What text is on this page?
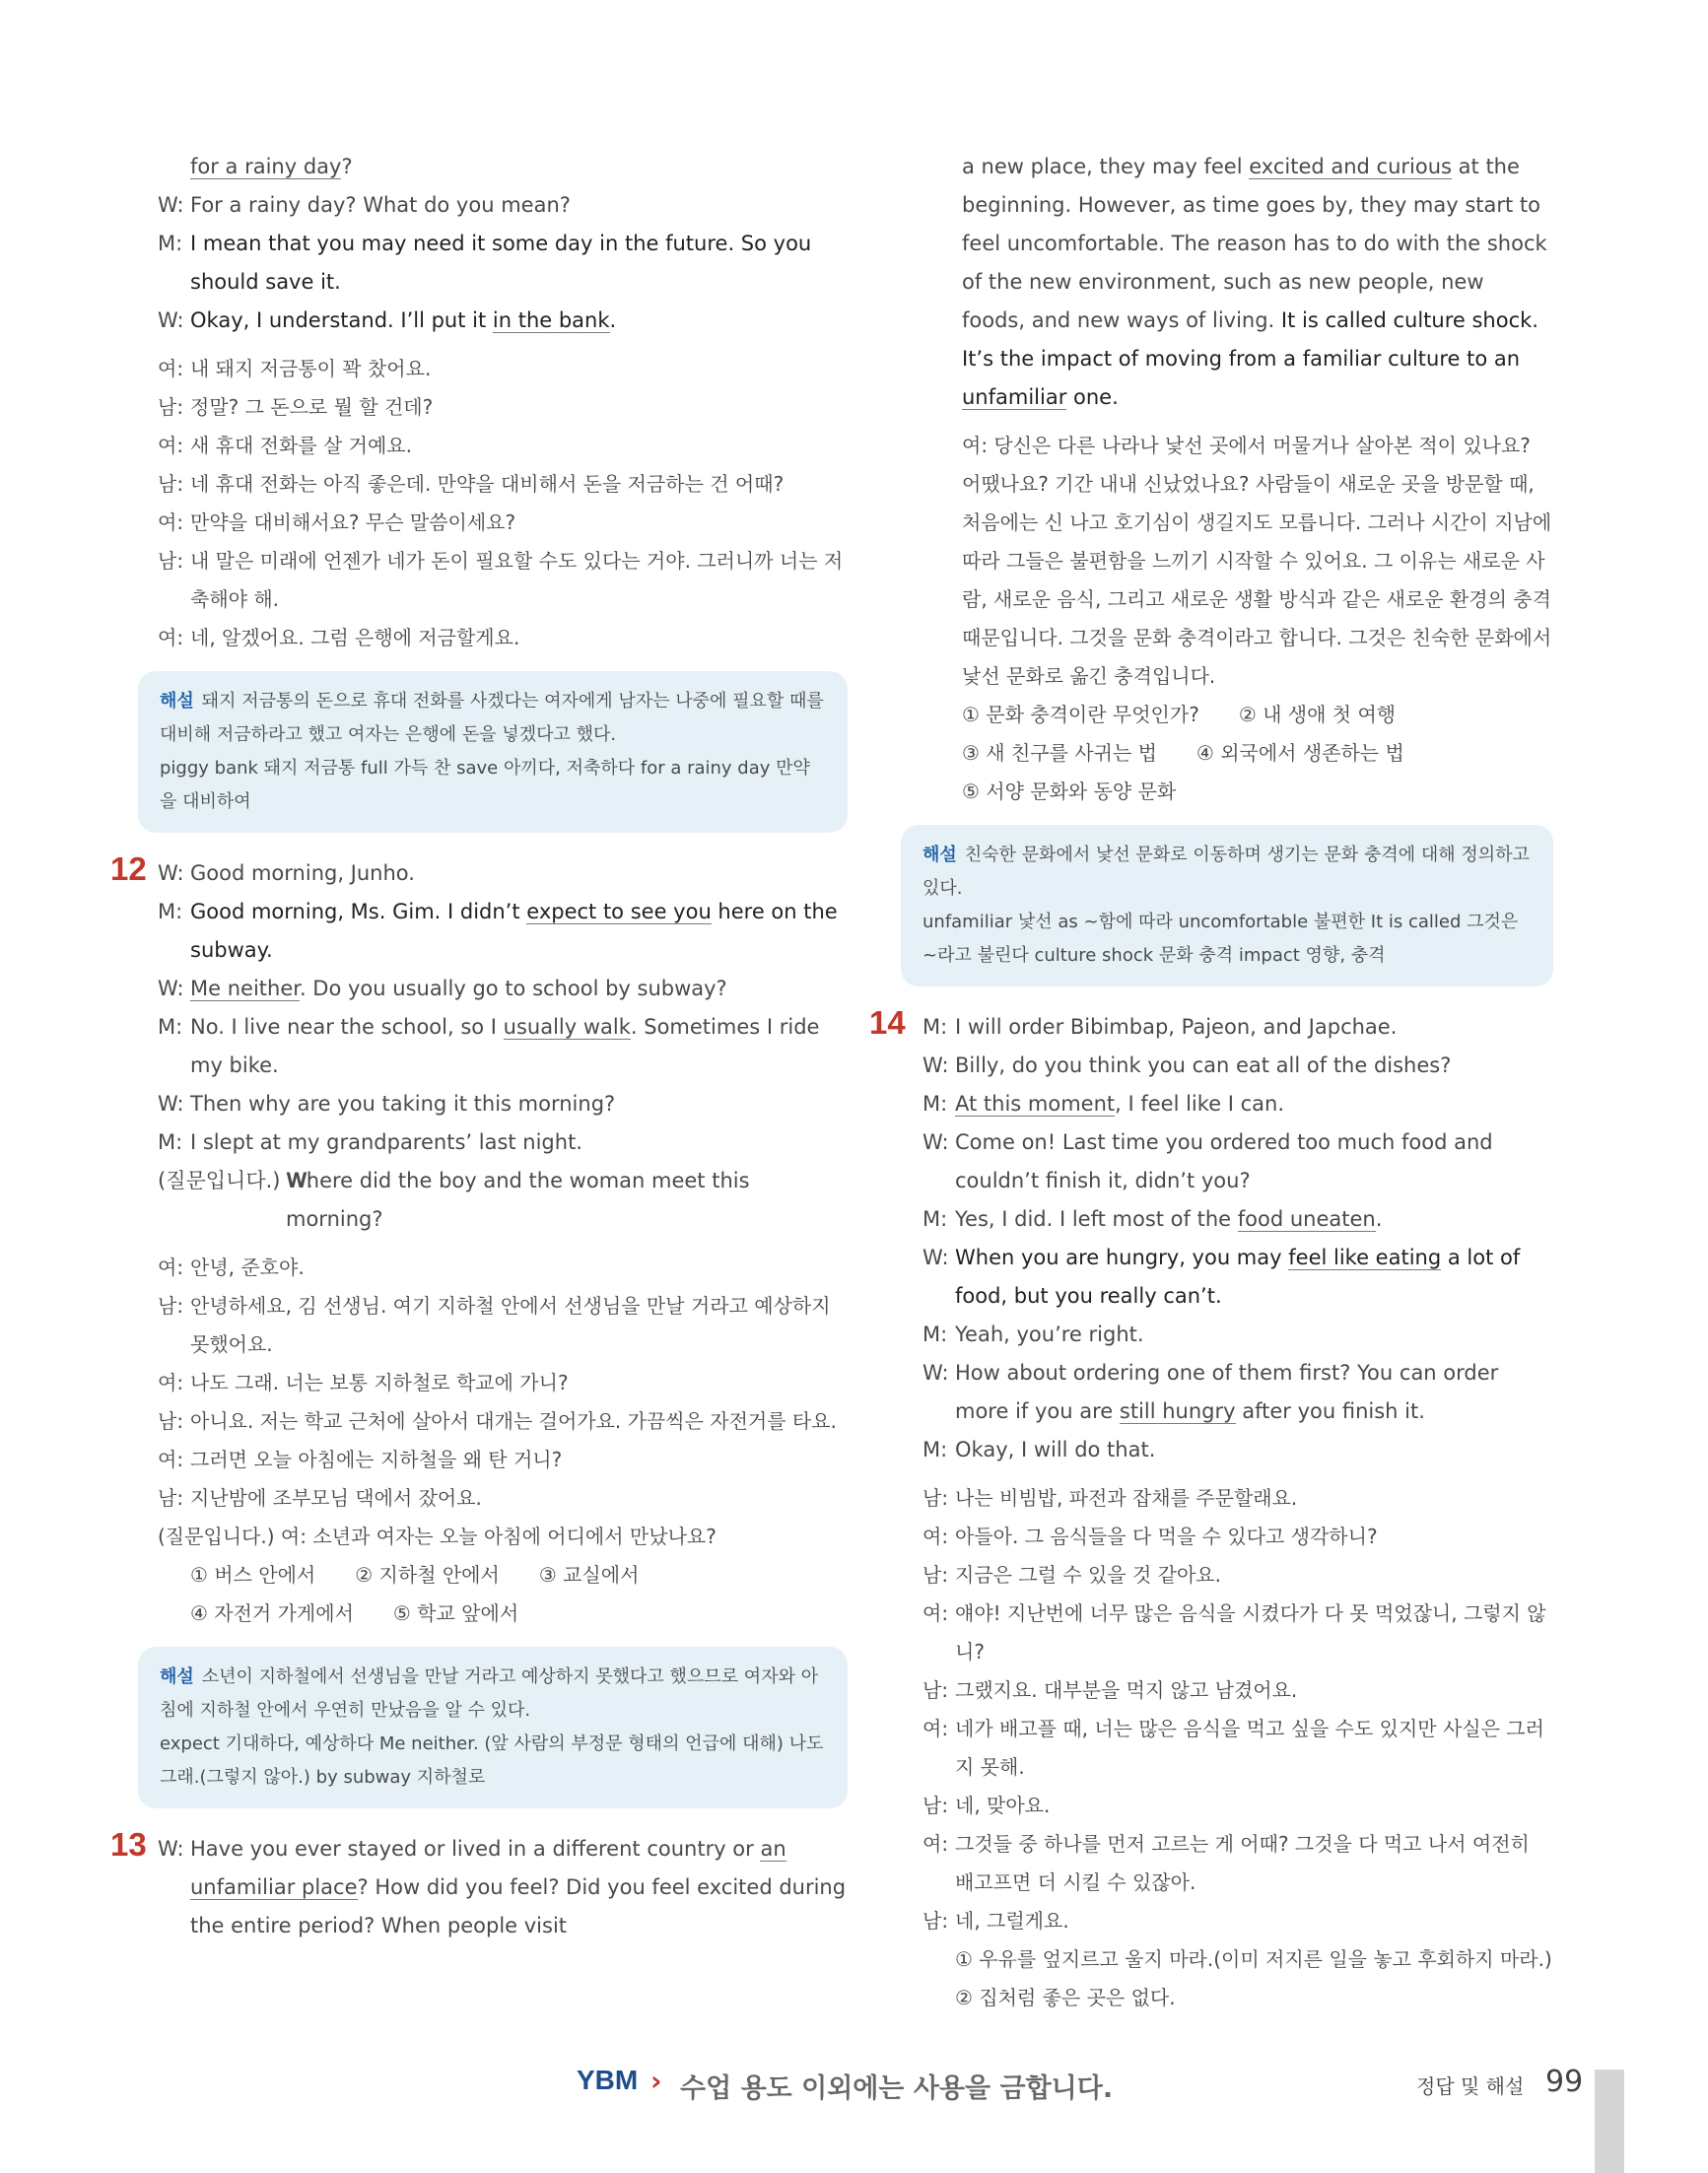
for a rainy day?
W: For a rainy day? What do you mean?
M: I mean that you may need it some day in the future. So you should save it.
W: Okay, I understand. I’ll put it in the bank.
여: 내 돼지 저금통이 꽉 찼어요.
남: 정말? 그 돈으로 뭘 할 건데?
여: 새 휴대 전화를 살 거예요.
남: 네 휴대 전화는 아직 좋은데. 만약을 대비해서 돈을 저금하는 건 어때?
여: 만약을 대비해서요? 무슨 말씀이세요?
남: 내 말은 미래에 언젠가 네가 돈이 필요할 수도 있다는 거야. 그러니까 너는 저축해야 해.
여: 네, 알겠어요. 그럼 은행에 저금할게요.
해설 돼지 저금통의 돈으로 휴대 전화를 사겠다는 여자에게 남자는 나중에 필요할 때를 대비해 저금하라고 했고 여자는 은행에 돈을 넣겠다고 했다.
piggy bank 돼지 저금통 full 가득 찬 save 아끼다, 저축하다 for a rainy day 만약을 대비하여
12 W: Good morning, Junho.
M: Good morning, Ms. Gim. I didn’t expect to see you here on the subway.
W: Me neither. Do you usually go to school by subway?
M: No. I live near the school, so I usually walk. Sometimes I ride my bike.
W: Then why are you taking it this morning?
M: I slept at my grandparents’ last night.
(질문입니다.) W:
Where did the boy and the woman meet this morning?
여: 안녕, 준호야.
남: 안녕하세요, 김 선생님. 여기 지하철 안에서 선생님을 만날 거라고 예상하지 못했어요.
여: 나도 그래. 너는 보통 지하철로 학교에 가니?
남: 아니요. 저는 학교 근처에 살아서 대개는 걸어가요. 가끔씩은 자전거를 타요.
여: 그러면 오늘 아침에는 지하철을 왜 탄 거니?
남: 지난밤에 조부모님 댁에서 잤어요.
(질문입니다.) 여: 소년과 여자는 오늘 아침에 어디에서 만났나요?
① 버스 안에서 ② 지하철 안에서 ③ 교실에서
④ 자전거 가게에서 ⑤ 학교 앞에서
해설 소년이 지하철에서 선생님을 만날 거라고 예상하지 못했다고 했으므로 여자와 아침에 지하철 안에서 우연히 만났음을 알 수 있다.
expect 기대하다, 예상하다 Me neither. (앞 사람의 부정문 형태의 언급에 대해) 나도 그래.(그렇지 않아.) by subway 지하철로
13 W: Have you ever stayed or lived in a different country or an unfamiliar place? How did you feel? Did you feel excited during the entire period? When people visit
a new place, they may feel excited and curious at the beginning. However, as time goes by, they may start to feel uncomfortable. The reason has to do with the shock of the new environment, such as new people, new foods, and new ways of living. It is called culture shock. It’s the impact of moving from a familiar culture to an unfamiliar one.
여: 당신은 다른 나라나 낯선 곳에서 머물거나 살아본 적이 있나요? 어땠나요? 기간 내내 신났었나요? 사람들이 새로운 곳을 방문할 때, 처음에는 신 나고 호기심이 생길지도 모릅니다. 그러나 시간이 지남에 따라 그들은 불편함을 느끼기 시작할 수 있어요. 그 이유는 새로운 사람, 새로운 음식, 그리고 새로운 생활 방식과 같은 새로운 환경의 충격 때문입니다. 그것을 문화 충격이라고 합니다. 그것은 친숙한 문화에서 낯선 문화로 옮긴 충격입니다.
① 문화 충격이란 무엇인가? ② 내 생애 첫 여행
③ 새 친구를 사귀는 법 ④ 외국에서 생존하는 법
⑤ 서양 문화와 동양 문화
해설 친숙한 문화에서 낯선 문화로 이동하며 생기는 문화 충격에 대해 정의하고 있다.
unfamiliar 낯선 as ~함에 따라 uncomfortable 불편한 It is called 그것은 ~라고 불린다 culture shock 문화 충격 impact 영향, 충격
14 M: I will order Bibimbap, Pajeon, and Japchae.
W: Billy, do you think you can eat all of the dishes?
M: At this moment, I feel like I can.
W: Come on! Last time you ordered too much food and couldn’t finish it, didn’t you?
M: Yes, I did. I left most of the food uneaten.
W: When you are hungry, you may feel like eating a lot of food, but you really can’t.
M: Yeah, you’re right.
W: How about ordering one of them first? You can order more if you are still hungry after you finish it.
M: Okay, I will do that.
남: 나는 비빔밥, 파전과 잡채를 주문할래요.
여: 아들아. 그 음식들을 다 먹을 수 있다고 생각하니?
남: 지금은 그럴 수 있을 것 같아요.
여: 얘야! 지난번에 너무 많은 음식을 시켰다가 다 못 먹었잖니, 그렇지 않니?
남: 그랬지요. 대부분을 먹지 않고 남겼어요.
여: 네가 배고플 때, 너는 많은 음식을 먹고 싶을 수도 있지만 사실은 그러지 못해.
남: 네, 맞아요.
여: 그것들 중 하나를 먼저 고르는 게 어때? 그것을 다 먹고 나서 여전히 배고프면 더 시킬 수 있잖아.
남: 네, 그럴게요.
① 우유를 엎지르고 울지 마라.(이미 저지른 일을 놓고 후회하지 마라.)
② 집처럼 좋은 곳은 없다.
YBM › 수업 용도 이외에는 사용을 금합니다.	정답 및 해설 99
